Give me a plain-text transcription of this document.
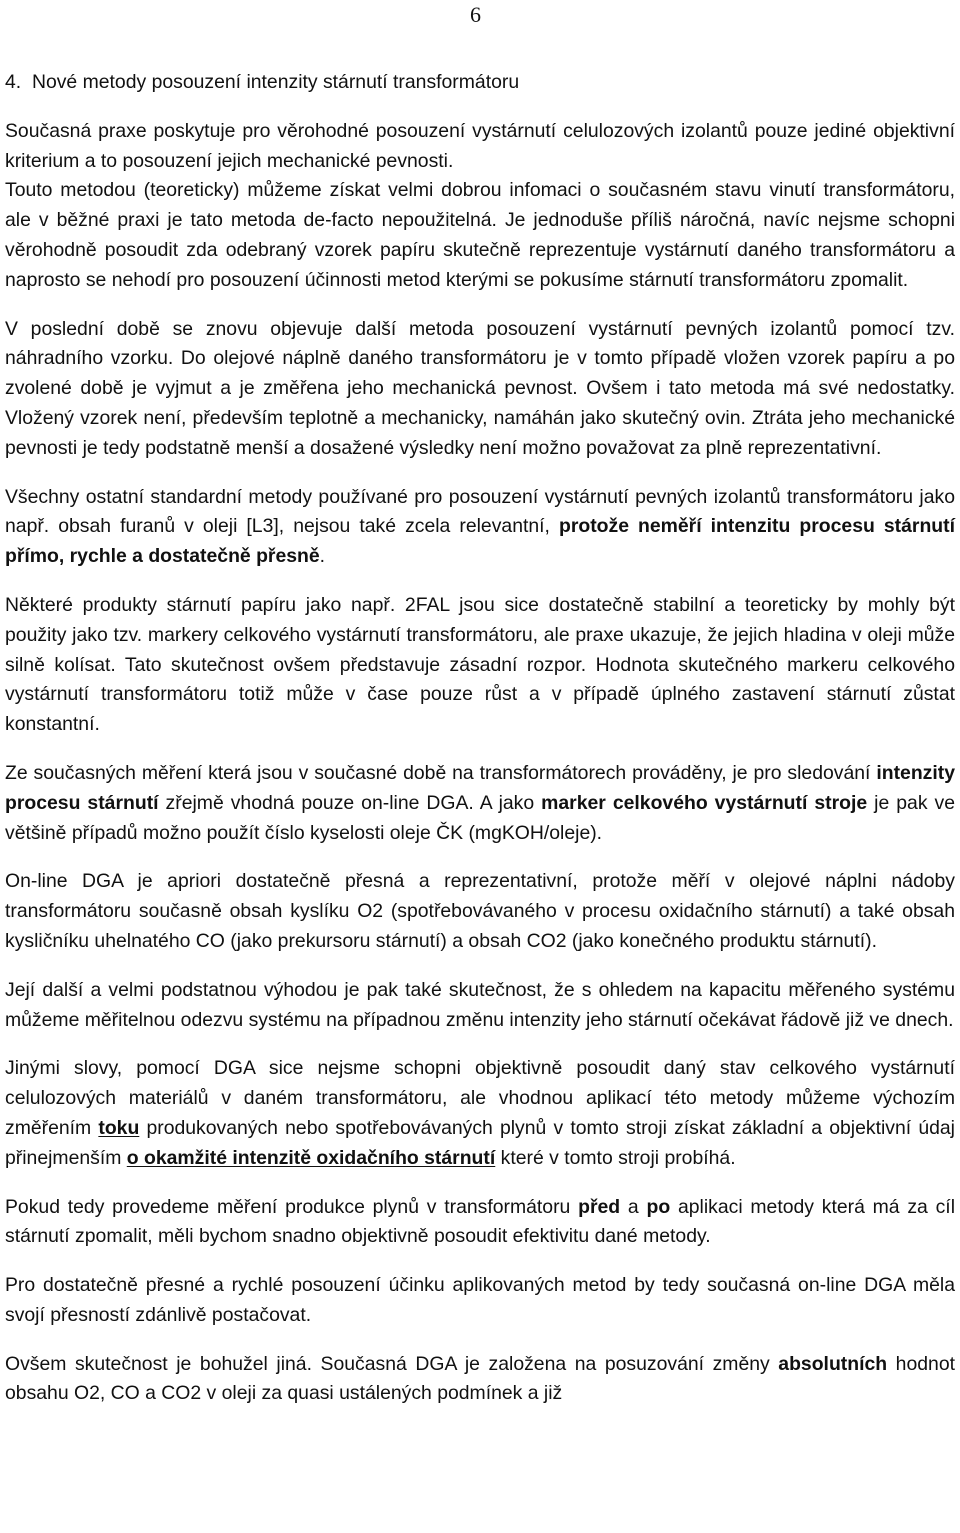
6
4. Nové metody posouzení intenzity stárnutí transformátoru

Současná praxe poskytuje pro věrohodné posouzení vystárnutí celulozových izolantů pouze jediné objektivní kriterium a to posouzení jejich mechanické pevnosti.

Touto metodou (teoreticky) můžeme získat velmi dobrou infomaci o současném stavu vinutí transformátoru, ale v běžné praxi je tato metoda de-facto nepoužitelná. Je jednoduše příliš náročná, navíc nejsme schopni věrohodně posoudit zda odebraný vzorek papíru skutečně reprezentuje vystárnutí daného transformátoru a naprosto se nehodí pro posouzení účinnosti metod kterými se pokusíme stárnutí transformátoru zpomalit.

V poslední době se znovu objevuje další metoda posouzení vystárnutí pevných izolantů pomocí tzv. náhradního vzorku. Do olejové náplně daného transformátoru je v tomto případě vložen vzorek papíru a po zvolené době je vyjmut a je změřena jeho mechanická pevnost. Ovšem i tato metoda má své nedostatky. Vložený vzorek není, především teplotně a mechanicky, namáhán jako skutečný ovin. Ztráta jeho mechanické pevnosti je tedy podstatně menší a dosažené výsledky není možno považovat za plně reprezentativní.

Všechny ostatní standardní metody používané pro posouzení vystárnutí pevných izolantů transformátoru jako např. obsah furanů v oleji [L3], nejsou také zcela relevantní, protože neměří intenzitu procesu stárnutí přímo, rychle a dostatečně přesně.

Některé produkty stárnutí papíru jako např. 2FAL jsou sice dostatečně stabilní a teoreticky by mohly být použity jako tzv. markery celkového vystárnutí transformátoru, ale praxe ukazuje, že jejich hladina v oleji může silně kolísat. Tato skutečnost ovšem představuje zásadní rozpor. Hodnota skutečného markeru celkového vystárnutí transformátoru totiž může v čase pouze růst a v případě úplného zastavení stárnutí zůstat konstantní.

Ze současných měření která jsou v současné době na transformátorech prováděny, je pro sledování intenzity procesu stárnutí zřejmě vhodná pouze on-line DGA. A jako marker celkového vystárnutí stroje je pak ve většině případů možno použít číslo kyselosti oleje ČK (mgKOH/oleje).

On-line DGA je apriori dostatečně přesná a reprezentativní, protože měří v olejové náplni nádoby transformátoru současně obsah kyslíku O2 (spotřebovávaného v procesu oxidačního stárnutí) a také obsah kysličníku uhelnatého CO (jako prekursoru stárnutí) a obsah CO2 (jako konečného produktu stárnutí).

Její další a velmi podstatnou výhodou je pak také skutečnost, že s ohledem na kapacitu měřeného systému můžeme měřitelnou odezvu systému na případnou změnu intenzity jeho stárnutí očekávat řádově již ve dnech.

Jinými slovy, pomocí DGA sice nejsme schopni objektivně posoudit daný stav celkového vystárnutí celulozových materiálů v daném transformátoru, ale vhodnou aplikací této metody můžeme výchozím změřením toku produkovaných nebo spotřebovávaných plynů v tomto stroji získat základní a objektivní údaj přinejmenším o okamžité intenzitě oxidačního stárnutí které v tomto stroji probíhá.

Pokud tedy provedeme měření produkce plynů v transformátoru před a po aplikaci metody která má za cíl stárnutí zpomalit, měli bychom snadno objektivně posoudit efektivitu dané metody.

Pro dostatečně přesné a rychlé posouzení účinku aplikovaných metod by tedy současná on-line DGA měla svojí přesností zdánlivě postačovat.

Ovšem skutečnost je bohužel jiná. Současná DGA je založena na posuzování změny absolutních hodnot obsahu O2, CO a CO2 v oleji za quasi ustálených podmínek a již
